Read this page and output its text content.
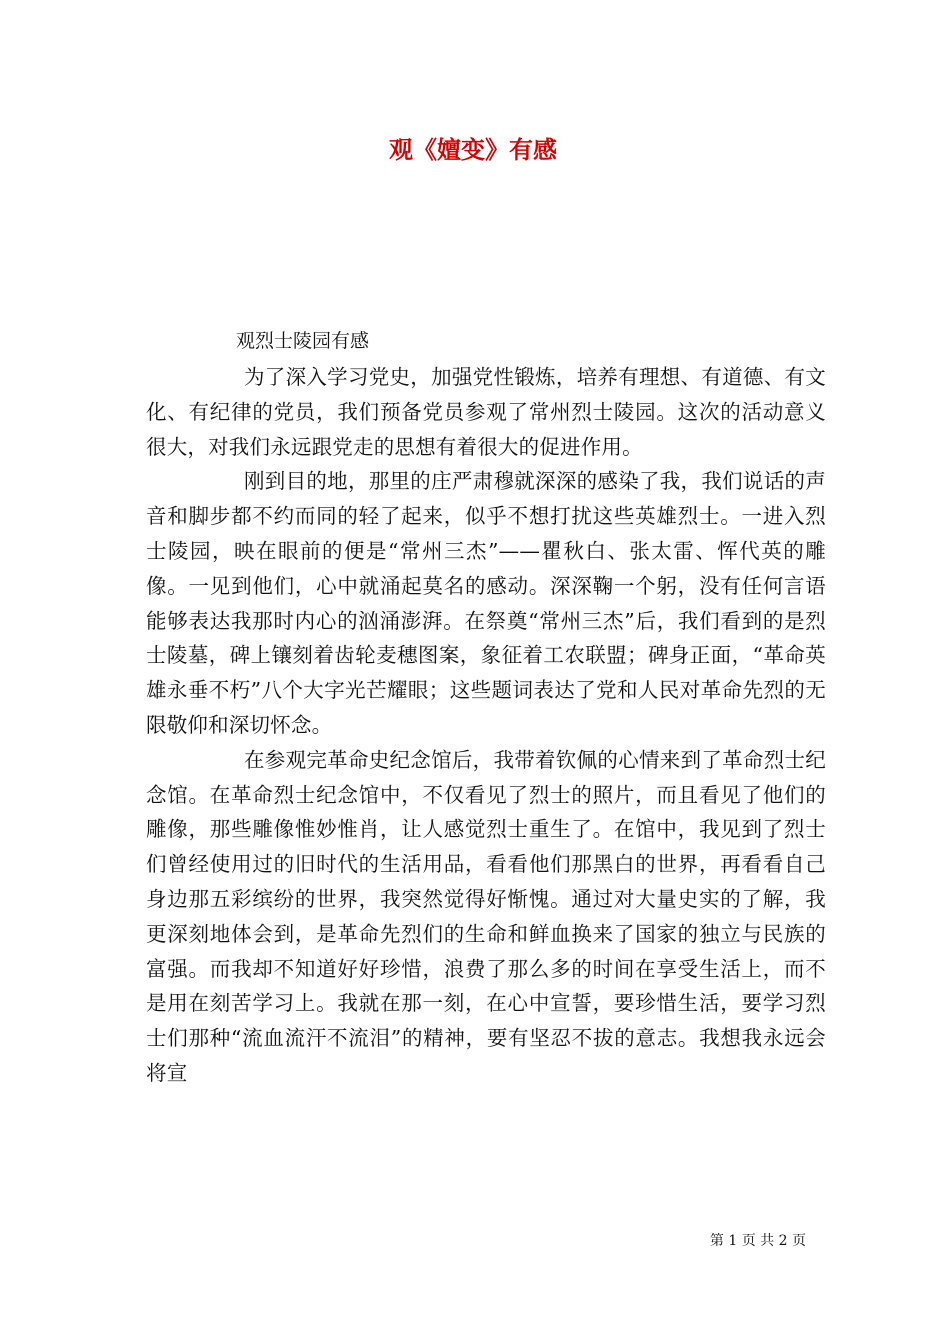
观《嬗变》有感

观烈士陵园有感

为了深入学习党史，加强党性锻炼，培养有理想、有道德、有文化、有纪律的党员，我们预备党员参观了常州烈士陵园。这次的活动意义很大，对我们永远跟党走的思想有着很大的促进作用。

刚到目的地，那里的庄严肃穆就深深的感染了我，我们说话的声音和脚步都不约而同的轻了起来，似乎不想打扰这些英雄烈士。一进入烈士陵园，映在眼前的便是“常州三杰”——瞿秋白、张太雷、恽代英的雕像。一见到他们，心中就涌起莫名的感动。深深鞠一个躬，没有任何言语能够表达我那时内心的汹涌澎湃。在祭奠“常州三杰”后，我们看到的是烈士陵墓，碑上镶刻着齿轮麦穗图案，象征着工农联盟；碑身正面，“革命英雄永垂不朽”八个大字光芒耀眼；这些题词表达了党和人民对革命先烈的无限敬仰和深切怀念。

在参观完革命史纪念馆后，我带着钦佩的心情来到了革命烈士纪念馆。在革命烈士纪念馆中，不仅看见了烈士的照片，而且看见了他们的雕像，那些雕像惟妙惟肖，让人感觉烈士重生了。在馆中，我见到了烈士们曾经使用过的旧时代的生活用品，看看他们那黑白的世界，再看看自己身边那五彩缤纷的世界，我突然觉得好惭愧。通过对大量史实的了解，我更深刻地体会到，是革命先烈们的生命和鲜血换来了国家的独立与民族的富强。而我却不知道好好珍惜，浪费了那么多的时间在享受生活上，而不是用在刻苦学习上。我就在那一刻，在心中宣誓，要珍惜生活，要学习烈士们那种“流血流汗不流泪”的精神，要有坚忍不拔的意志。我想我永远会将宣

第 1 页 共 2 页
